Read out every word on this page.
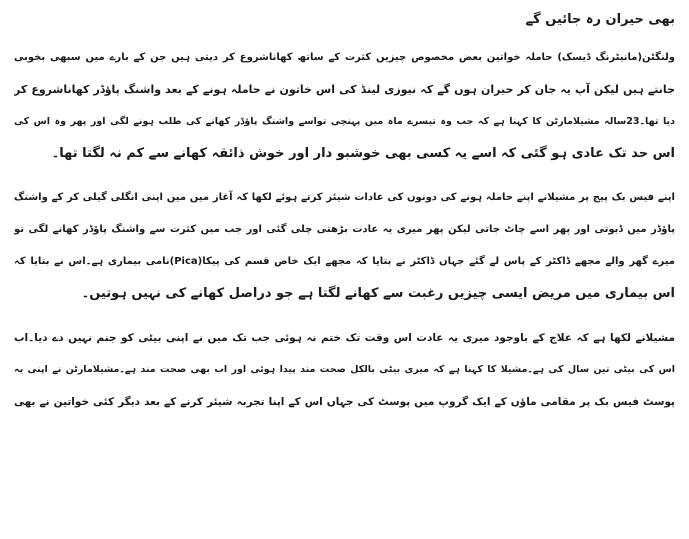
بھی حیران رہ جائیں گے
ولنگٹن(مانیٹرنگ ڈیسک) حاملہ خواتین بعض مخصوص چیزیں کثرت کے ساتھ کھاناشروع کر دیتی ہیں جن کے بارے میں سبھی بخوبی
جانتے ہیں لیکن آپ یہ جان کر حیران ہوں گے کہ نیوزی لینڈ کی اس خاتون نے حاملہ ہونے کے بعد واشنگ پاﺅڈر کھاناشروع کر
دیا تھا۔23سالہ مشیلامارٹن کا کہنا ہے کہ جب وہ تیسرے ماہ میں پہنچی تواسے واشنگ پاﺅڈر کھانے کی طلب ہونے لگی اور پھر وہ اس کی
اس حد تک عادی ہو گئی کہ اسے یہ کسی بھی خوشبو دار اور خوش ذائقہ کھانے سے کم نہ لگتا تھا۔
اپنے فیس بک پیج پر مشیلانے اپنے حاملہ ہونے کی دونوں کی عادات شیئر کرتے ہوئے لکھا کہ آغاز میں میں اپنی انگلی گیلی کر کے واشنگ
پاﺅڈر میں ڈبوتی اور پھر اسے چاٹ جاتی لیکن پھر میری یہ عادت بڑھتی چلی گئی اور جب میں کثرت سے واشنگ پاﺅڈر کھانے لگی تو
میرے گھر والے مجھے ڈاکٹر کے پاس لے گئے جہاں ڈاکٹر نے بتایا کہ مجھے ایک خاص قسم کی پیکا(Pica)نامی بیماری ہے۔اس نے بتایا کہ
اس بیماری میں مریض ایسی چیزیں رغبت سے کھانے لگتا ہے جو دراصل کھانے کی نہیں ہوتیں۔
مشیلانے لکھا ہے کہ علاج کے باوجود میری یہ عادت اس وقت تک ختم نہ ہوئی جب تک میں نے اپنی بیٹی کو جنم نہیں دے دیا۔اب
اس کی بیٹی تین سال کی ہے۔مشیلا کا کہنا ہے کہ میری بیٹی بالکل صحت مند پیدا ہوئی اور اب بھی صحت مند ہے۔مشیلامارٹن نے اپنی یہ
پوسٹ فیس بک پر مقامی ماﺅں کے ایک گروپ میں پوسٹ کی جہاں اس کے اپنا تجربہ شیئر کرنے کے بعد دیگر کئی خواتین نے بھی
